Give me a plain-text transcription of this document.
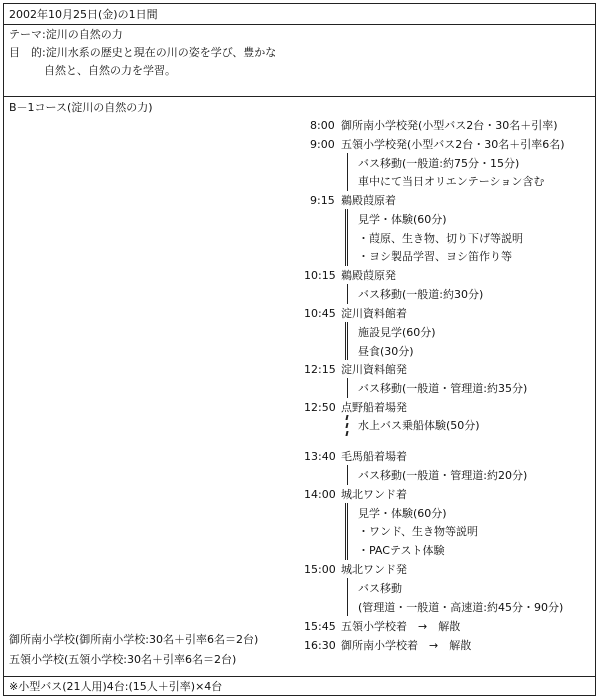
2002年10月25日(金)の1日間
テーマ:淀川の自然の力
目　的:淀川水系の歴史と現在の川の姿を学び、豊かな
自然と、自然の力を学習。
B－1コース(淀川の自然の力)
8:00 御所南小学校発(小型バス2台・30名＋引率)
9:00 五領小学校発(小型バス2台・30名＋引率6名)
バス移動(一般道:約75分・15分)
車中にて当日オリエンテーション含む
9:15 鵜殿葭原着
見学・体験(60分)
・葭原、生き物、切り下げ等説明
・ヨシ製品学習、ヨシ笛作り等
10:15 鵜殿葭原発
バス移動(一般道:約30分)
10:45 淀川資料館着
施設見学(60分)
昼食(30分)
12:15 淀川資料館発
バス移動(一般道・管理道:約35分)
12:50 点野船着場発
水上バス乗船体験(50分)
13:40 毛馬船着場着
バス移動(一般道・管理道:約20分)
14:00 城北ワンド着
見学・体験(60分)
・ワンド、生き物等説明
・PACテスト体験
15:00 城北ワンド発
バス移動
(管理道・一般道・高速道:約45分・90分)
15:45 五領小学校着　→　解散
16:30 御所南小学校着　→　解散
御所南小学校(御所南小学校:30名＋引率6名＝2台)
五領小学校(五領小学校:30名＋引率6名＝2台)
※小型バス(21人用)4台:(15人＋引率)×4台
